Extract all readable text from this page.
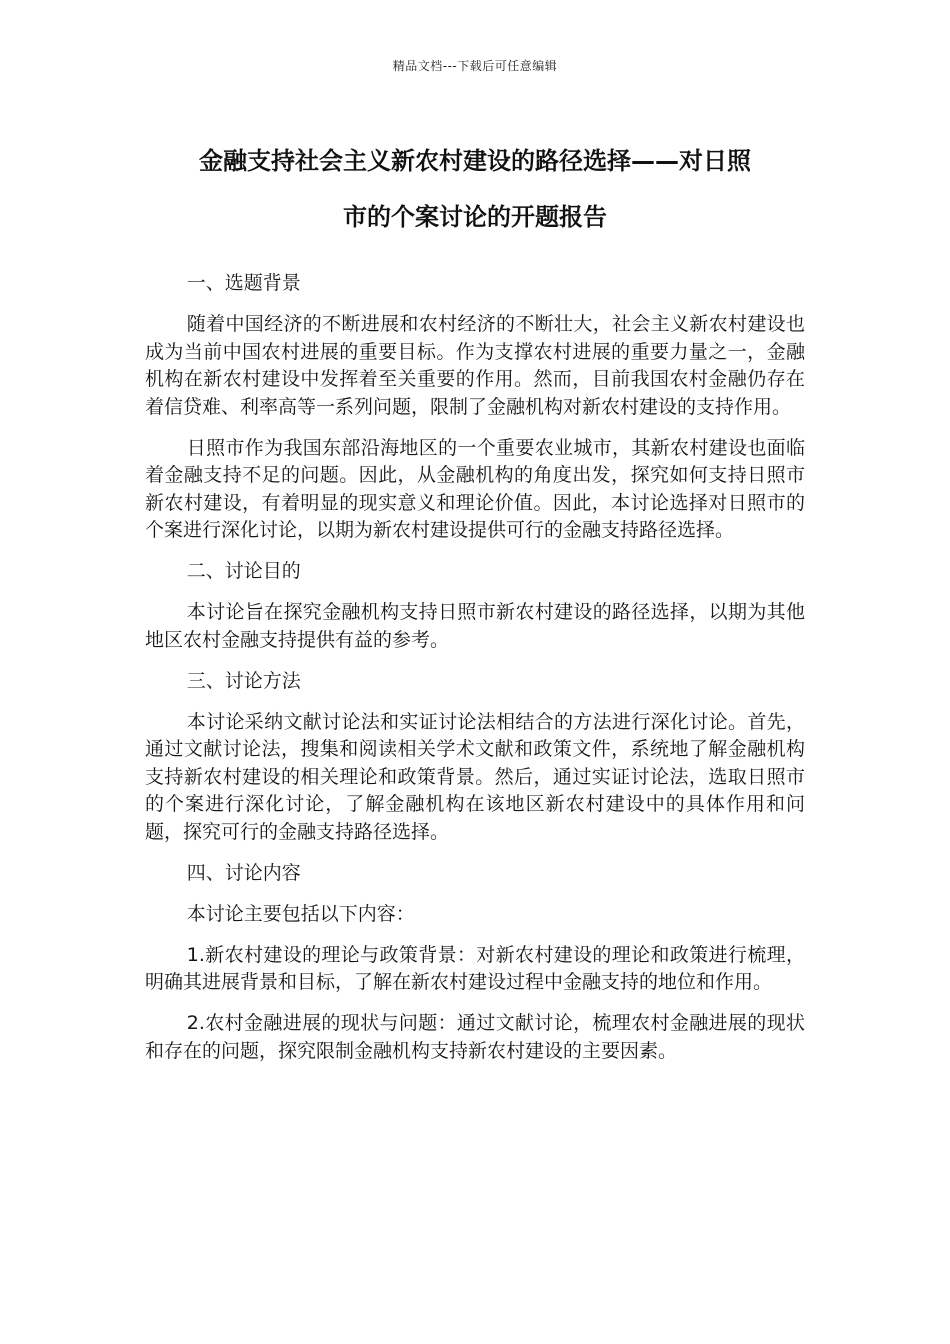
精品文档---下载后可任意编辑
金融支持社会主义新农村建设的路径选择——对日照
市的个案讨论的开题报告

一、选题背景

随着中国经济的不断进展和农村经济的不断壮大，社会主义新农村建设也成为当前中国农村进展的重要目标。作为支撑农村进展的重要力量之一，金融机构在新农村建设中发挥着至关重要的作用。然而，目前我国农村金融仍存在着信贷难、利率高等一系列问题，限制了金融机构对新农村建设的支持作用。

日照市作为我国东部沿海地区的一个重要农业城市，其新农村建设也面临着金融支持不足的问题。因此，从金融机构的角度出发，探究如何支持日照市新农村建设，有着明显的现实意义和理论价值。因此，本讨论选择对日照市的个案进行深化讨论，以期为新农村建设提供可行的金融支持路径选择。

二、讨论目的

本讨论旨在探究金融机构支持日照市新农村建设的路径选择，以期为其他地区农村金融支持提供有益的参考。

三、讨论方法

本讨论采纳文献讨论法和实证讨论法相结合的方法进行深化讨论。首先，通过文献讨论法，搜集和阅读相关学术文献和政策文件，系统地了解金融机构支持新农村建设的相关理论和政策背景。然后，通过实证讨论法，选取日照市的个案进行深化讨论，了解金融机构在该地区新农村建设中的具体作用和问题，探究可行的金融支持路径选择。

四、讨论内容

本讨论主要包括以下内容：

1.新农村建设的理论与政策背景：对新农村建设的理论和政策进行梳理，明确其进展背景和目标，了解在新农村建设过程中金融支持的地位和作用。

2.农村金融进展的现状与问题：通过文献讨论，梳理农村金融进展的现状和存在的问题，探究限制金融机构支持新农村建设的主要因素。
